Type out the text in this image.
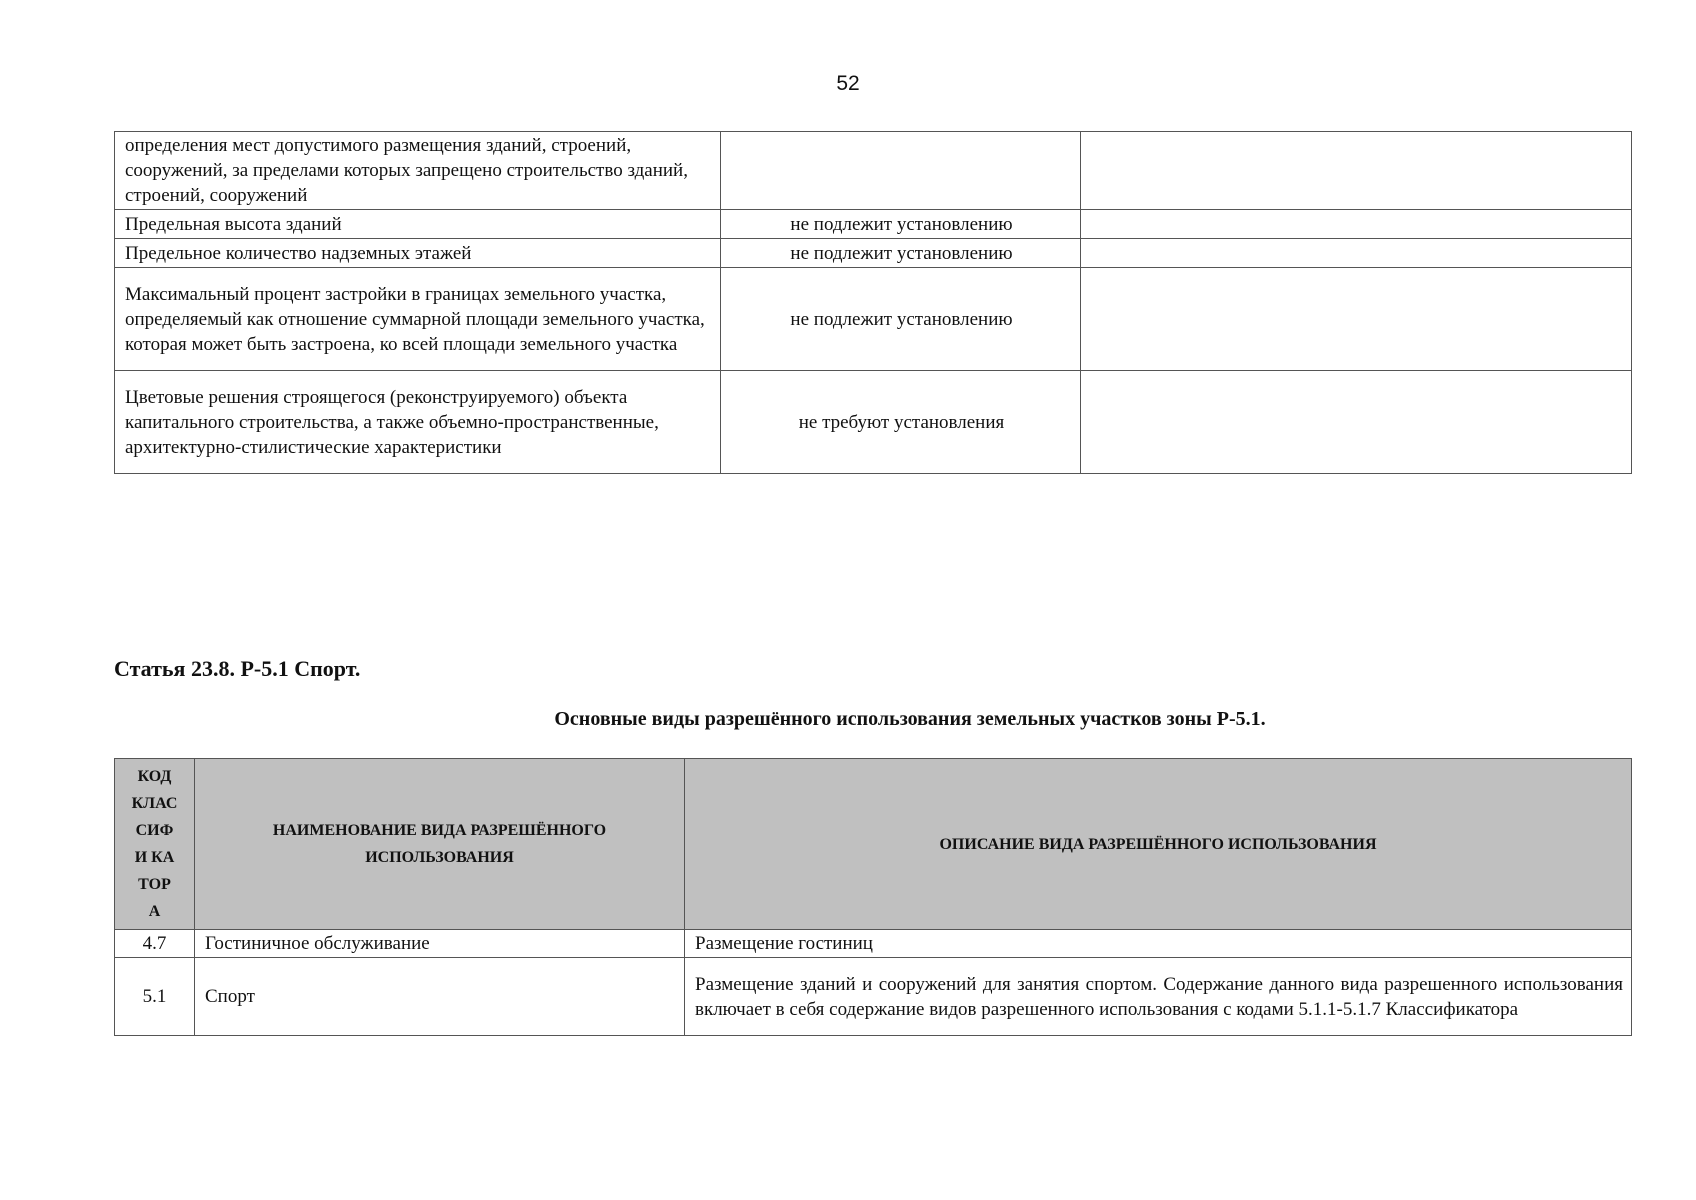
52
определения мест допустимого размещения зданий, строений, сооружений, за пределами которых запрещено строительство зданий, строений, сооружений		
Предельная высота зданий	не подлежит установлению	
Предельное количество надземных этажей	не подлежит установлению	
Максимальный процент застройки в границах земельного участка, определяемый как отношение суммарной площади земельного участка, которая может быть застроена, ко всей площади земельного участка	не подлежит установлению	
Цветовые решения строящегося (реконструируемого) объекта капитального строительства, а также объемно-пространственные, архитектурно-стилистические характеристики	не требуют установления	
Статья 23.8. Р-5.1 Спорт.
Основные виды разрешённого использования земельных участков зоны Р-5.1.
КОД КЛАС СИФИ КАТОР А	НАИМЕНОВАНИЕ ВИДА РАЗРЕШЁННОГО ИСПОЛЬЗОВАНИЯ	ОПИСАНИЕ ВИДА РАЗРЕШЁННОГО ИСПОЛЬЗОВАНИЯ
4.7	Гостиничное обслуживание	Размещение гостиниц
5.1	Спорт	Размещение зданий и сооружений для занятия спортом. Содержание данного вида разрешенного использования включает в себя содержание видов разрешенного использования с кодами 5.1.1-5.1.7 Классификатора
